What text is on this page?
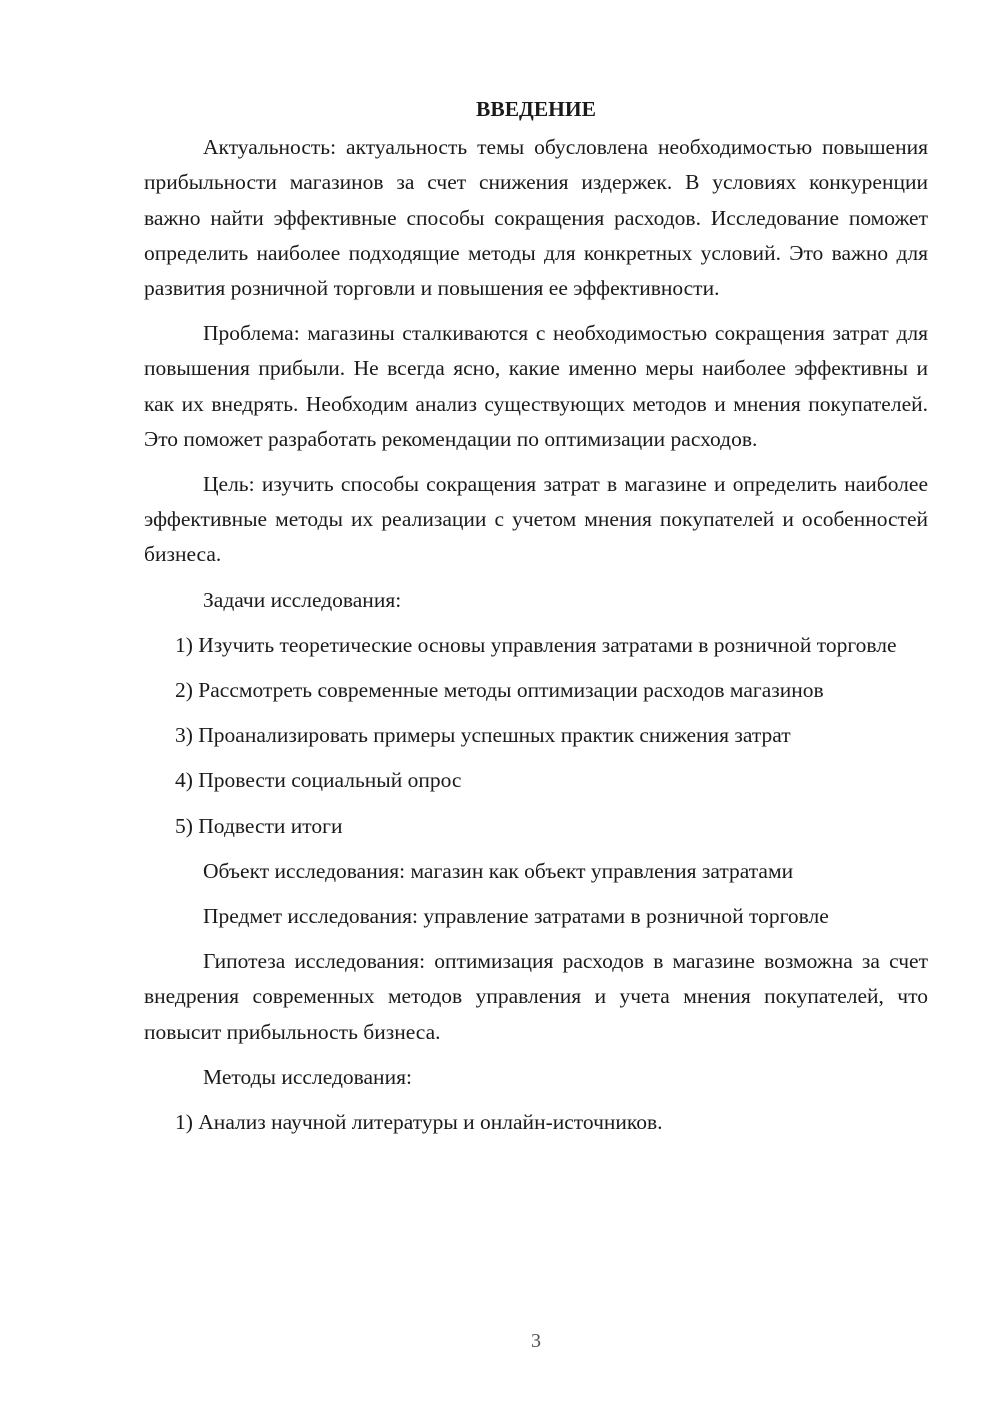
ВВЕДЕНИЕ
Актуальность: актуальность темы обусловлена необходимостью повышения прибыльности магазинов за счет снижения издержек. В условиях конкуренции важно найти эффективные способы сокращения расходов. Исследование поможет определить наиболее подходящие методы для конкретных условий. Это важно для развития розничной торговли и повышения ее эффективности.
Проблема: магазины сталкиваются с необходимостью сокращения затрат для повышения прибыли. Не всегда ясно, какие именно меры наиболее эффективны и как их внедрять. Необходим анализ существующих методов и мнения покупателей. Это поможет разработать рекомендации по оптимизации расходов.
Цель: изучить способы сокращения затрат в магазине и определить наиболее эффективные методы их реализации с учетом мнения покупателей и особенностей бизнеса.
Задачи исследования:
1) Изучить теоретические основы управления затратами в розничной торговле
2) Рассмотреть современные методы оптимизации расходов магазинов
3) Проанализировать примеры успешных практик снижения затрат
4) Провести социальный опрос
5) Подвести итоги
Объект исследования: магазин как объект управления затратами
Предмет исследования: управление затратами в розничной торговле
Гипотеза исследования: оптимизация расходов в магазине возможна за счет внедрения современных методов управления и учета мнения покупателей, что повысит прибыльность бизнеса.
Методы исследования:
1) Анализ научной литературы и онлайн-источников.
3
